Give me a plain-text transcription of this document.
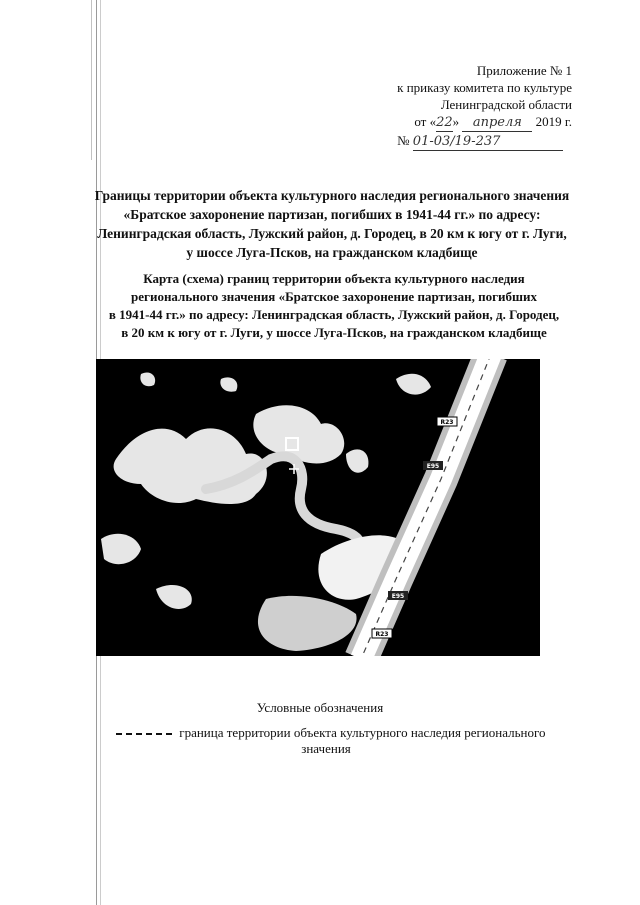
Приложение № 1
к приказу комитета по культуре
Ленинградской области
от «22» апреля 2019 г.
№ 01-03/19-237
Границы территории объекта культурного наследия регионального значения
«Братское захоронение партизан, погибших в 1941-44 гг.» по адресу:
Ленинградская область, Лужский район, д. Городец, в 20 км к югу от г. Луги,
у шоссе Луга-Псков, на гражданском кладбище
Карта (схема) границ территории объекта культурного наследия
регионального значения «Братское захоронение партизан, погибших
в 1941-44 гг.» по адресу: Ленинградская область, Лужский район, д. Городец,
в 20 км к югу от г. Луги, у шоссе Луга-Псков, на гражданском кладбище
R23
E95
E95
R23
Условные обозначения
граница территории объекта культурного наследия регионального
значения
